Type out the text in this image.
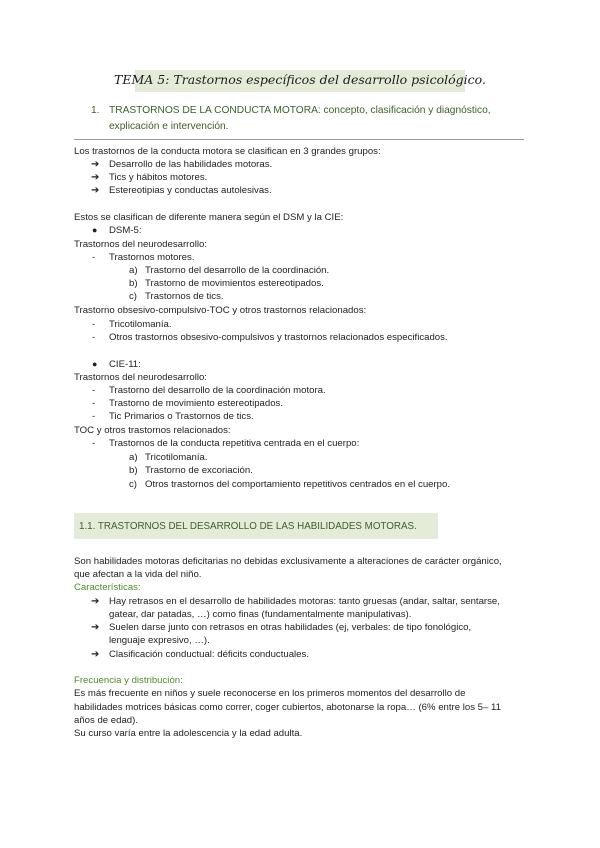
TEMA 5: Trastornos específicos del desarrollo psicológico.
1. TRASTORNOS DE LA CONDUCTA MOTORA: concepto, clasificación y diagnóstico,
explicación e intervención.
Los trastornos de la conducta motora se clasifican en 3 grandes grupos:
➔ Desarrollo de las habilidades motoras.
➔ Tics y hábitos motores.
➔ Estereotipias y conductas autolesivas.
Estos se clasifican de diferente manera según el DSM y la CIE:
● DSM-5:
Trastornos del neurodesarrollo:
- Trastornos motores.
a) Trastorno del desarrollo de la coordinación.
b) Trastorno de movimientos estereotipados.
c) Trastornos de tics.
Trastorno obsesivo-compulsivo-TOC y otros trastornos relacionados:
- Tricotilomanía.
- Otros trastornos obsesivo-compulsivos y trastornos relacionados especificados.
● CIE-11:
Trastornos del neurodesarrollo:
- Trastorno del desarrollo de la coordinación motora.
- Trastorno de movimiento estereotipados.
- Tic Primarios o Trastornos de tics.
TOC y otros trastornos relacionados:
- Trastornos de la conducta repetitiva centrada en el cuerpo:
a) Tricotilomanía.
b) Trastorno de excoriación.
c) Otros trastornos del comportamiento repetitivos centrados en el cuerpo.
1.1. TRASTORNOS DEL DESARROLLO DE LAS HABILIDADES MOTORAS.
Son habilidades motoras deficitarias no debidas exclusivamente a alteraciones de carácter orgánico,
que afectan a la vida del niño.
Características:
➔ Hay retrasos en el desarrollo de habilidades motoras: tanto gruesas (andar, saltar, sentarse,
gatear, dar patadas, …) como finas (fundamentalmente manipulativas).
➔ Suelen darse junto con retrasos en otras habilidades (ej, verbales: de tipo fonológico,
lenguaje expresivo, …).
➔ Clasificación conductual: déficits conductuales.
Frecuencia y distribución:
Es más frecuente en niños y suele reconocerse en los primeros momentos del desarrollo de
habilidades motrices básicas como correr, coger cubiertos, abotonarse la ropa… (6% entre los 5– 11
años de edad).
Su curso varía entre la adolescencia y la edad adulta.
